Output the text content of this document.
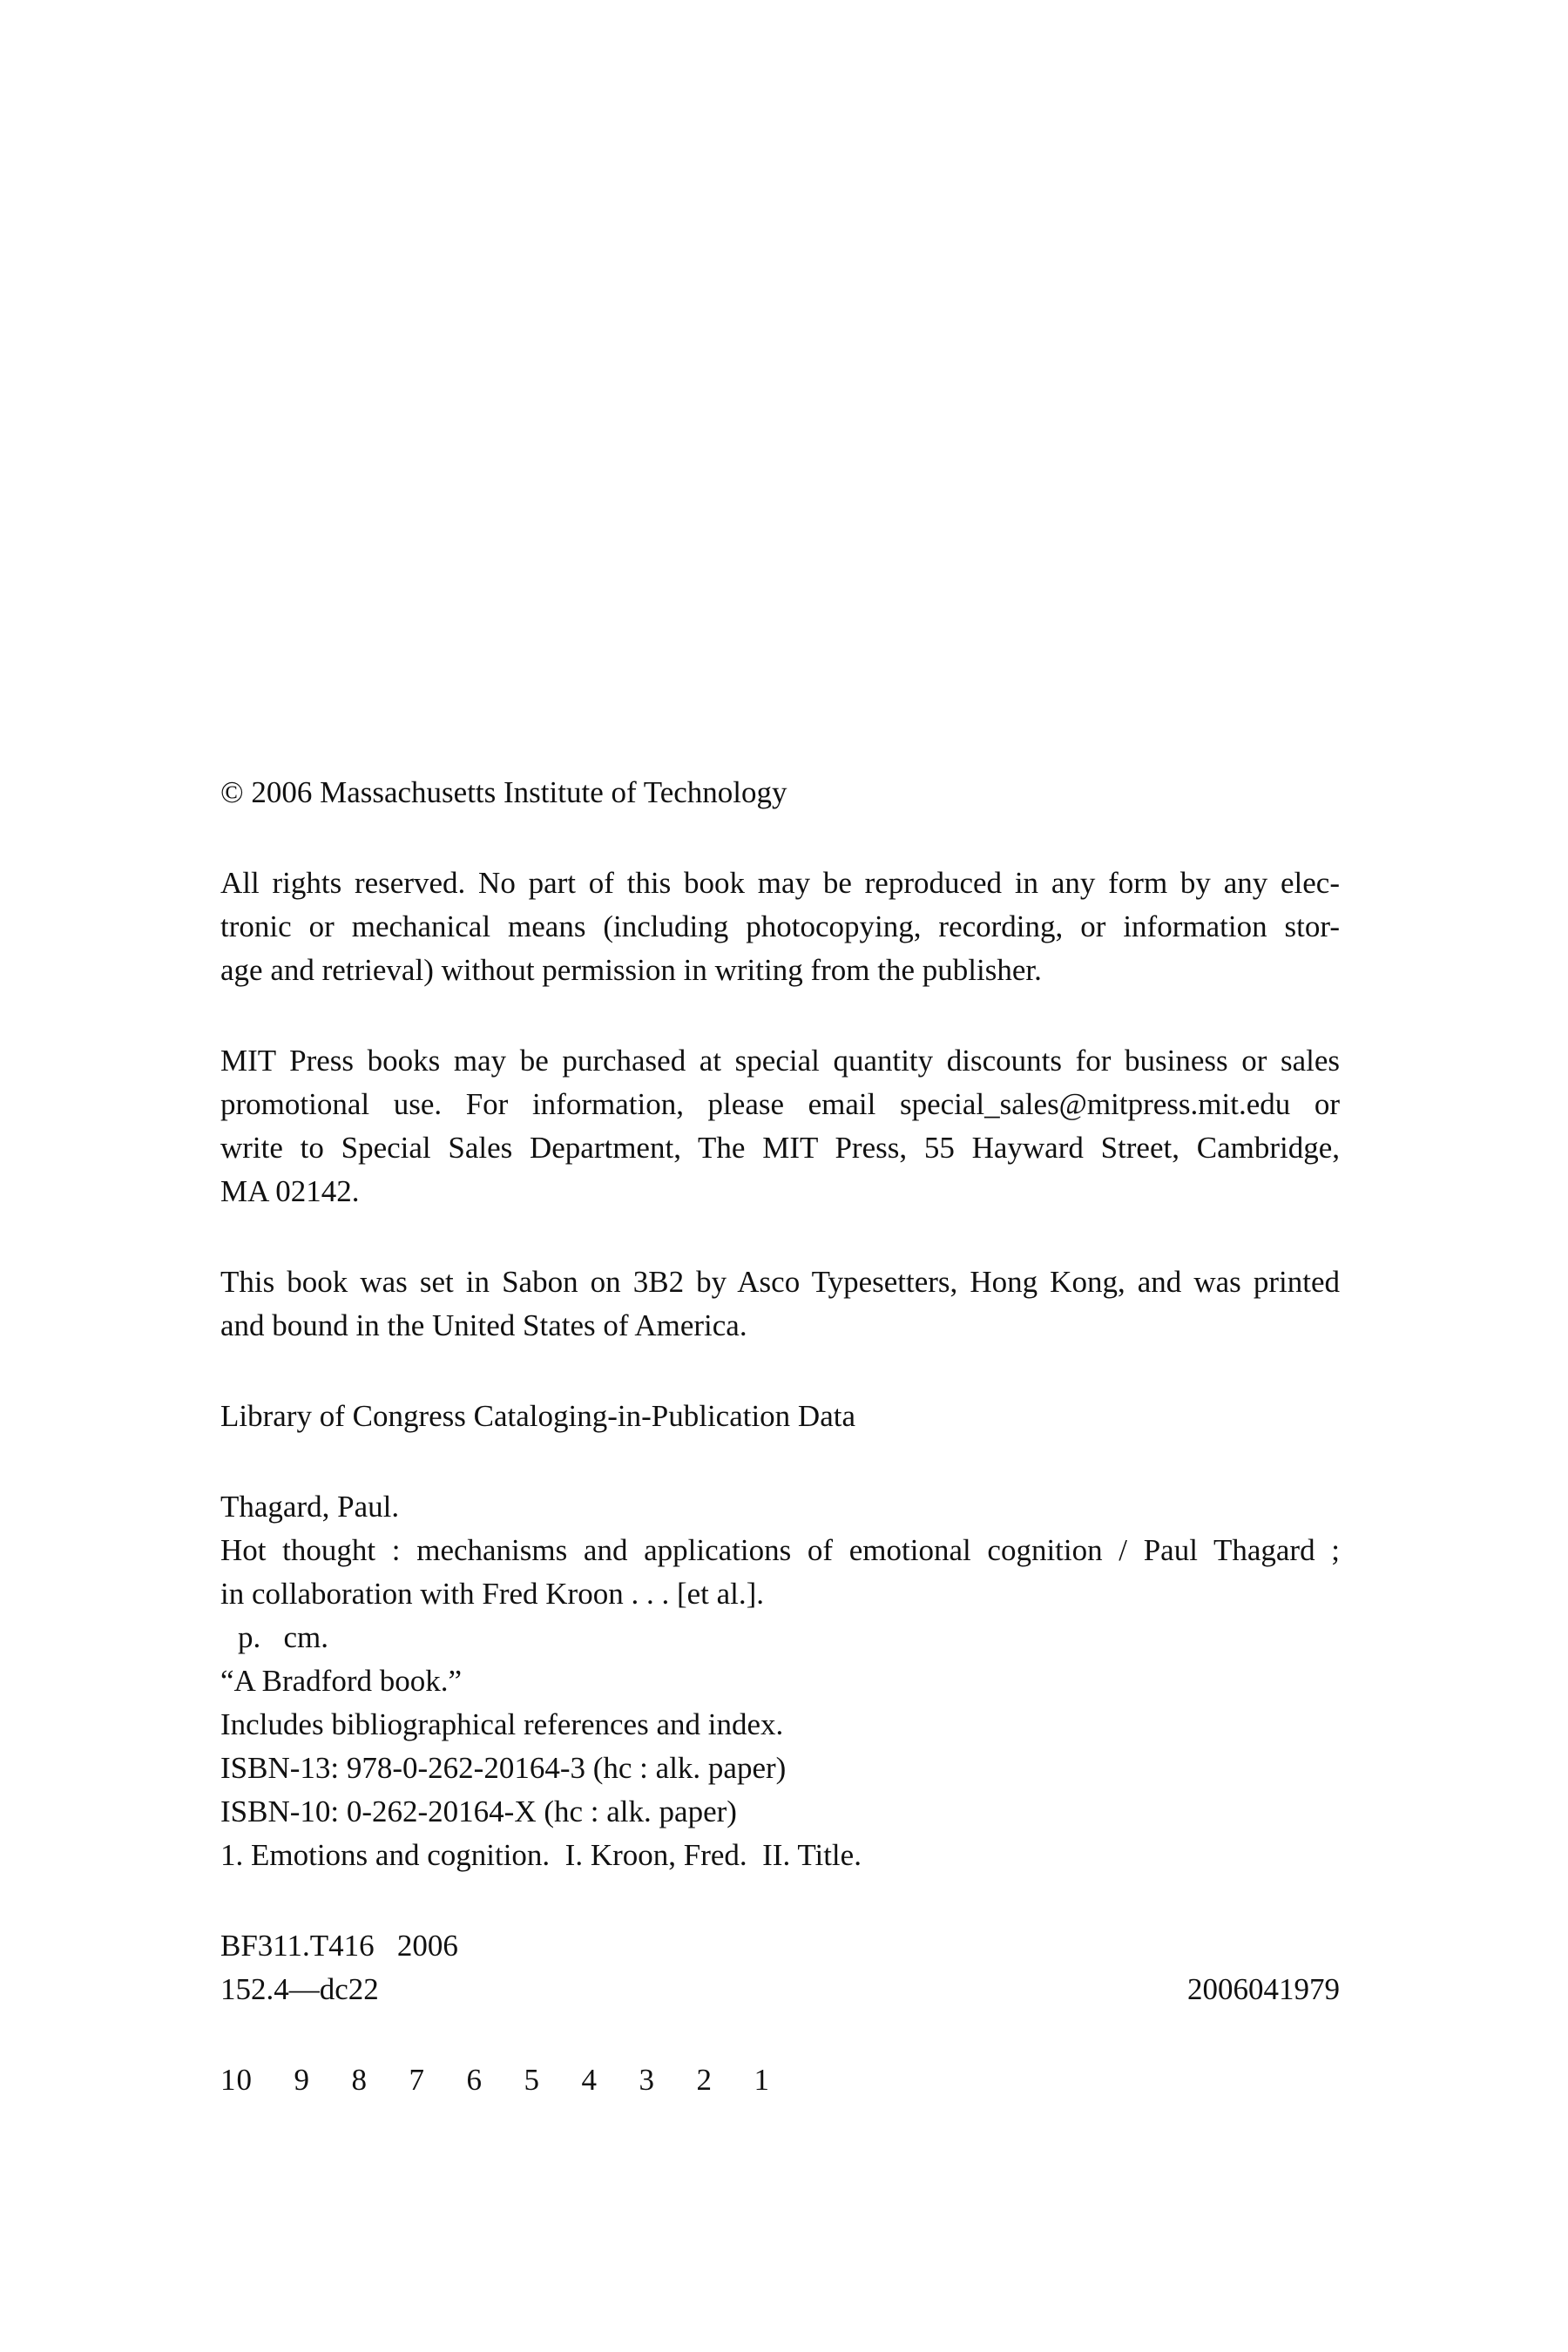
© 2006 Massachusetts Institute of Technology
All rights reserved. No part of this book may be reproduced in any form by any elec-
tronic or mechanical means (including photocopying, recording, or information stor-
age and retrieval) without permission in writing from the publisher.
MIT Press books may be purchased at special quantity discounts for business or sales
promotional use. For information, please email special_sales@mitpress.mit.edu or
write to Special Sales Department, The MIT Press, 55 Hayward Street, Cambridge,
MA 02142.
This book was set in Sabon on 3B2 by Asco Typesetters, Hong Kong, and was printed
and bound in the United States of America.
Library of Congress Cataloging-in-Publication Data
Thagard, Paul.
Hot thought : mechanisms and applications of emotional cognition / Paul Thagard ;
in collaboration with Fred Kroon . . . [et al.].
p.   cm.
“A Bradford book.”
Includes bibliographical references and index.
ISBN-13: 978-0-262-20164-3 (hc : alk. paper)
ISBN-10: 0-262-20164-X (hc : alk. paper)
1. Emotions and cognition.  I. Kroon, Fred.  II. Title.
BF311.T416   2006
152.4—dc22	2006041979
10  9  8  7  6  5  4  3  2  1
